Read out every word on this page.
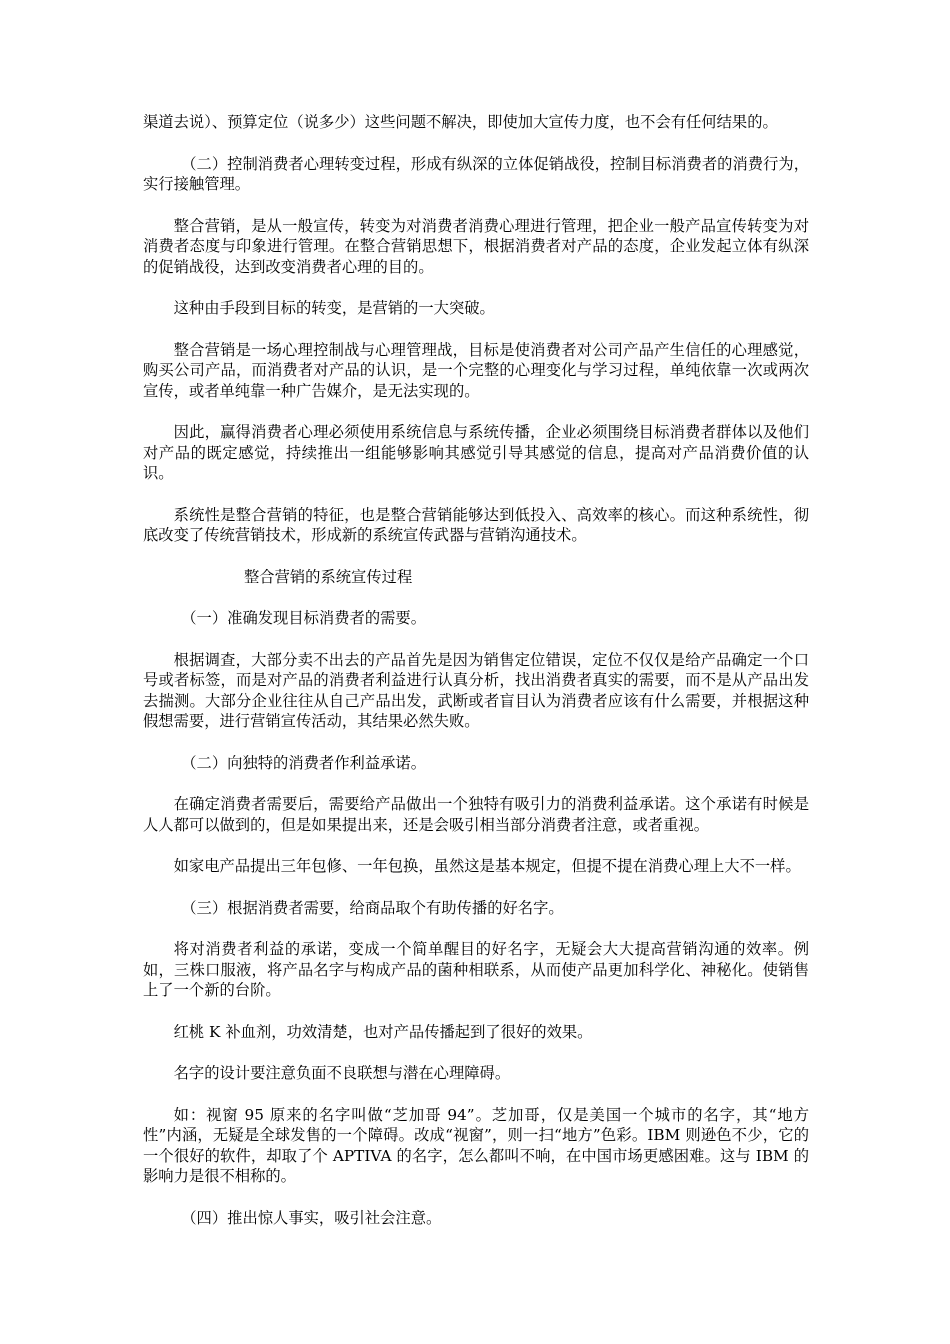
渠道去说）、预算定位（说多少）这些问题不解决，即使加大宣传力度，也不会有任何结果的。

（二）控制消费者心理转变过程，形成有纵深的立体促销战役，控制目标消费者的消费行为，实行接触管理。

整合营销，是从一般宣传，转变为对消费者消费心理进行管理，把企业一般产品宣传转变为对消费者态度与印象进行管理。在整合营销思想下，根据消费者对产品的态度，企业发起立体有纵深的促销战役，达到改变消费者心理的目的。

这种由手段到目标的转变，是营销的一大突破。

整合营销是一场心理控制战与心理管理战，目标是使消费者对公司产品产生信任的心理感觉，购买公司产品，而消费者对产品的认识，是一个完整的心理变化与学习过程，单纯依靠一次或两次宣传，或者单纯靠一种广告媒介，是无法实现的。

因此，赢得消费者心理必须使用系统信息与系统传播，企业必须围绕目标消费者群体以及他们对产品的既定感觉，持续推出一组能够影响其感觉引导其感觉的信息，提高对产品消费价值的认识。

系统性是整合营销的特征，也是整合营销能够达到低投入、高效率的核心。而这种系统性，彻底改变了传统营销技术，形成新的系统宣传武器与营销沟通技术。

整合营销的系统宣传过程

（一）准确发现目标消费者的需要。

根据调查，大部分卖不出去的产品首先是因为销售定位错误，定位不仅仅是给产品确定一个口号或者标签，而是对产品的消费者利益进行认真分析，找出消费者真实的需要，而不是从产品出发去揣测。大部分企业往往从自己产品出发，武断或者盲目认为消费者应该有什么需要，并根据这种假想需要，进行营销宣传活动，其结果必然失败。

（二）向独特的消费者作利益承诺。

在确定消费者需要后，需要给产品做出一个独特有吸引力的消费利益承诺。这个承诺有时候是人人都可以做到的，但是如果提出来，还是会吸引相当部分消费者注意，或者重视。

如家电产品提出三年包修、一年包换，虽然这是基本规定，但提不提在消费心理上大不一样。

（三）根据消费者需要，给商品取个有助传播的好名字。

将对消费者利益的承诺，变成一个简单醒目的好名字，无疑会大大提高营销沟通的效率。例如，三株口服液，将产品名字与构成产品的菌种相联系，从而使产品更加科学化、神秘化。使销售上了一个新的台阶。

红桃 K 补血剂，功效清楚，也对产品传播起到了很好的效果。

名字的设计要注意负面不良联想与潜在心理障碍。

如：视窗 95 原来的名字叫做“芝加哥 94”。芝加哥，仅是美国一个城市的名字，其“地方性”内涵，无疑是全球发售的一个障碍。改成“视窗”，则一扫“地方”色彩。IBM 则逊色不少，它的一个很好的软件，却取了个 APTIVA 的名字，怎么都叫不响，在中国市场更感困难。这与 IBM 的影响力是很不相称的。

（四）推出惊人事实，吸引社会注意。
